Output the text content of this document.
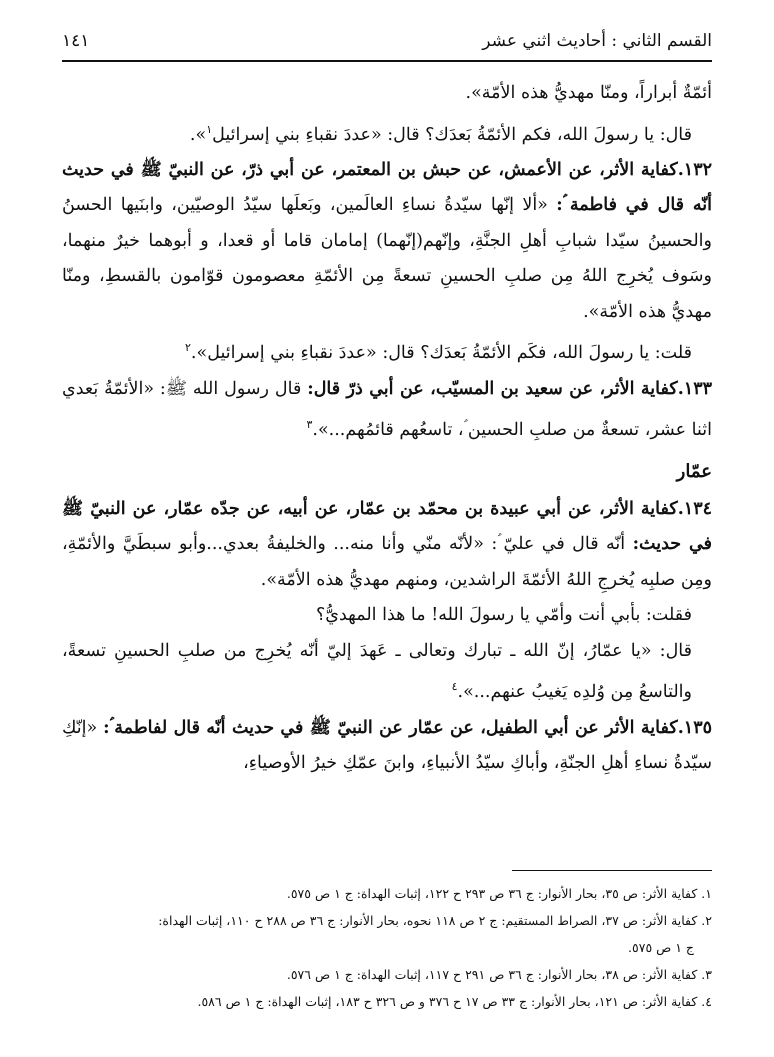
القسم الثاني : أحاديث اثني عشر
١٤١

أئمّةٌ أبراراً، ومنّا مهديُّ هذه الأمّة».

قال: يا رسولَ الله، فكم الأئمّةُ بَعدَك؟ قال: «عددَ نقباءِ بني إسرائيل$^١$».

١٣٢.كفاية الأثر، عن الأعمش، عن حبش بن المعتمر، عن أبي ذرّ، عن النبيّ ﷺ في حديث أنّه قال في فاطمة ؑ: «ألا إنّها سيّدةُ نساءِ العالَمين، وبَعلَها سيّدُ الوصيّين، وابنَيها الحسنُ والحسينُ سيّدا شبابِ أهلِ الجنَّةِ، وإنّهم(إنّهما) إمامان قاما أو قعدا، و أبوهما خيرٌ منهما، وسَوف يُخرِج اللهُ مِن صلبِ الحسينِ تسعةً مِن الأئمّةِ معصومون قوّامون بالقسطِ، ومنّا مهديُّ هذه الأمّة».

قلت: يا رسولَ الله، فكَم الأئمّةُ بَعدَك؟ قال: «عددَ نقباءِ بني إسرائيل».$^٢$

١٣٣.كفاية الأثر، عن سعيد بن المسيّب، عن أبي ذرّ قال: قال رسول الله ﷺ: «الأئمّةُ بَعدي اثنا عشر، تسعةٌ من صلبِ الحسين ؑ، تاسعُهم قائمُهم...».$^٣$

عمّار

١٣٤.كفاية الأثر، عن أبي عبيدة بن محمّد بن عمّار، عن أبيه، عن جدّه عمّار، عن النبيّ ﷺ في حديث: أنّه قال في عليّ ؑ: «لأنّه منّي وأنا منه... والخليفةُ بعدي...وأبو سبطَيَّ والأئمّةِ، ومِن صلبِه يُخرجِ اللهُ الأئمّةَ الراشدين، ومنهم مهديُّ هذه الأمّة».

فقلت: بأبي أنت وأمّي يا رسولَ الله! ما هذا المهديُّ؟

قال: «يا عمّارُ، إنّ الله ـ تبارك وتعالى ـ عَهدَ إليّ أنّه يُخرِج من صلبِ الحسينِ تسعةً، والتاسعُ مِن وُلدِه يَغيبُ عنهم...».$^٤$

١٣٥.كفاية الأثر عن أبي الطفيل، عن عمّار عن النبيّ ﷺ في حديث أنّه قال لفاطمة ؑ: «إنّكِ سيّدةُ نساءِ أهلِ الجنّةِ، وأباكِ سيّدُ الأنبياءِ، وابنَ عمّكِ خيرُ الأوصياءِ،

١. كفاية الأثر: ص ٣٥، بحار الأنوار: ج ٣٦ ص ٢٩٣ ح ١٢٢، إثبات الهداة: ج ١ ص ٥٧٥.

٢. كفاية الأثر: ص ٣٧، الصراط المستقيم: ج ٢ ص ١١٨ نحوه، بحار الأنوار: ج ٣٦ ص ٢٨٨ ح ١١٠، إثبات الهداة:

ج ١ ص ٥٧٥.

٣. كفاية الأثر: ص ٣٨، بحار الأنوار: ج ٣٦ ص ٢٩١ ح ١١٧، إثبات الهداة: ج ١ ص ٥٧٦.

٤. كفاية الأثر: ص ١٢١، بحار الأنوار: ج ٣٣ ص ١٧ ح ٣٧٦ و ص ٣٢٦ ح ١٨٣، إثبات الهداة: ج ١ ص ٥٨٦.
